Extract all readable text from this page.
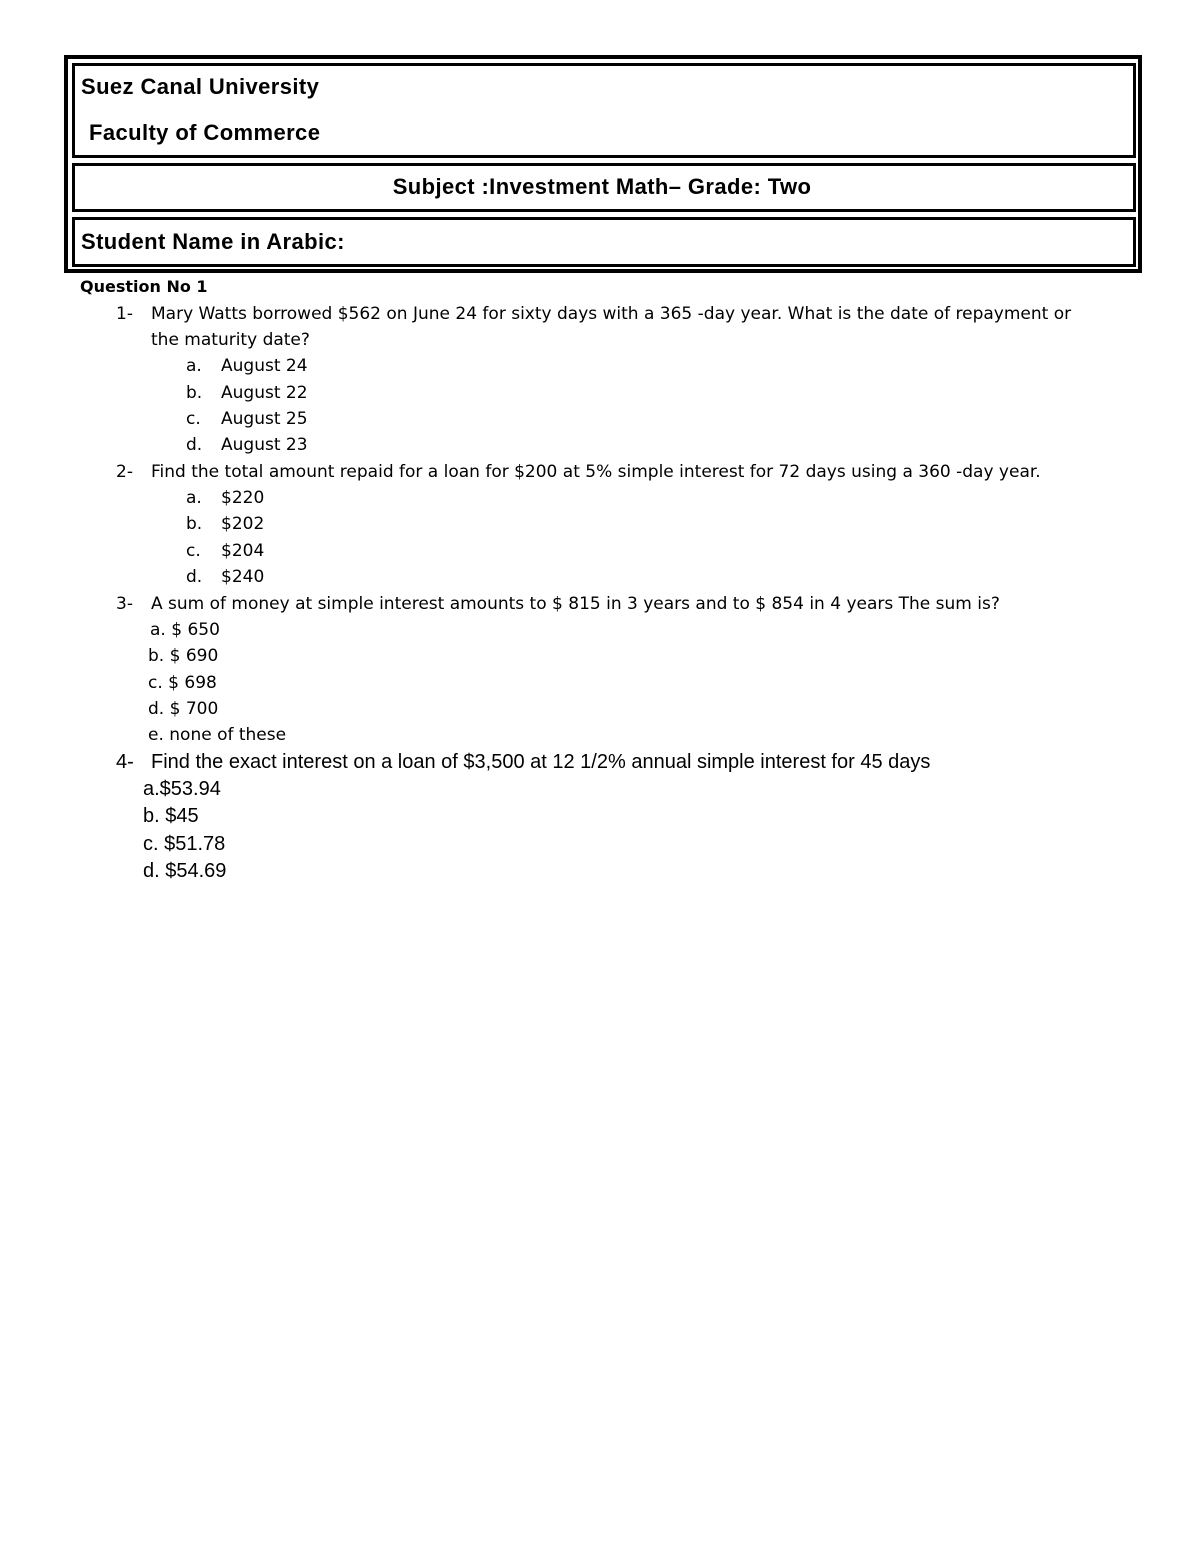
Suez Canal University
Faculty of Commerce
Subject :Investment Math– Grade: Two
Student Name in Arabic:
Question No 1
1- Mary Watts borrowed $562 on June 24 for sixty days with a 365 -day year. What is the date of repayment or
the maturity date?
a. August 24
b. August 22
c. August 25
d. August 23
2- Find the total amount repaid for a loan for $200 at 5% simple interest for 72 days using a 360 -day year.
a. $220
b. $202
c. $204
d. $240
3- A sum of money at simple interest amounts to $ 815 in 3 years and to $ 854 in 4 years The sum is?
a. $ 650
b. $ 690
c. $ 698
d. $ 700
e. none of these
4- Find the exact interest on a loan of $3,500 at 12 1/2% annual simple interest for 45 days
a.$53.94
b. $45
c. $51.78
d. $54.69
